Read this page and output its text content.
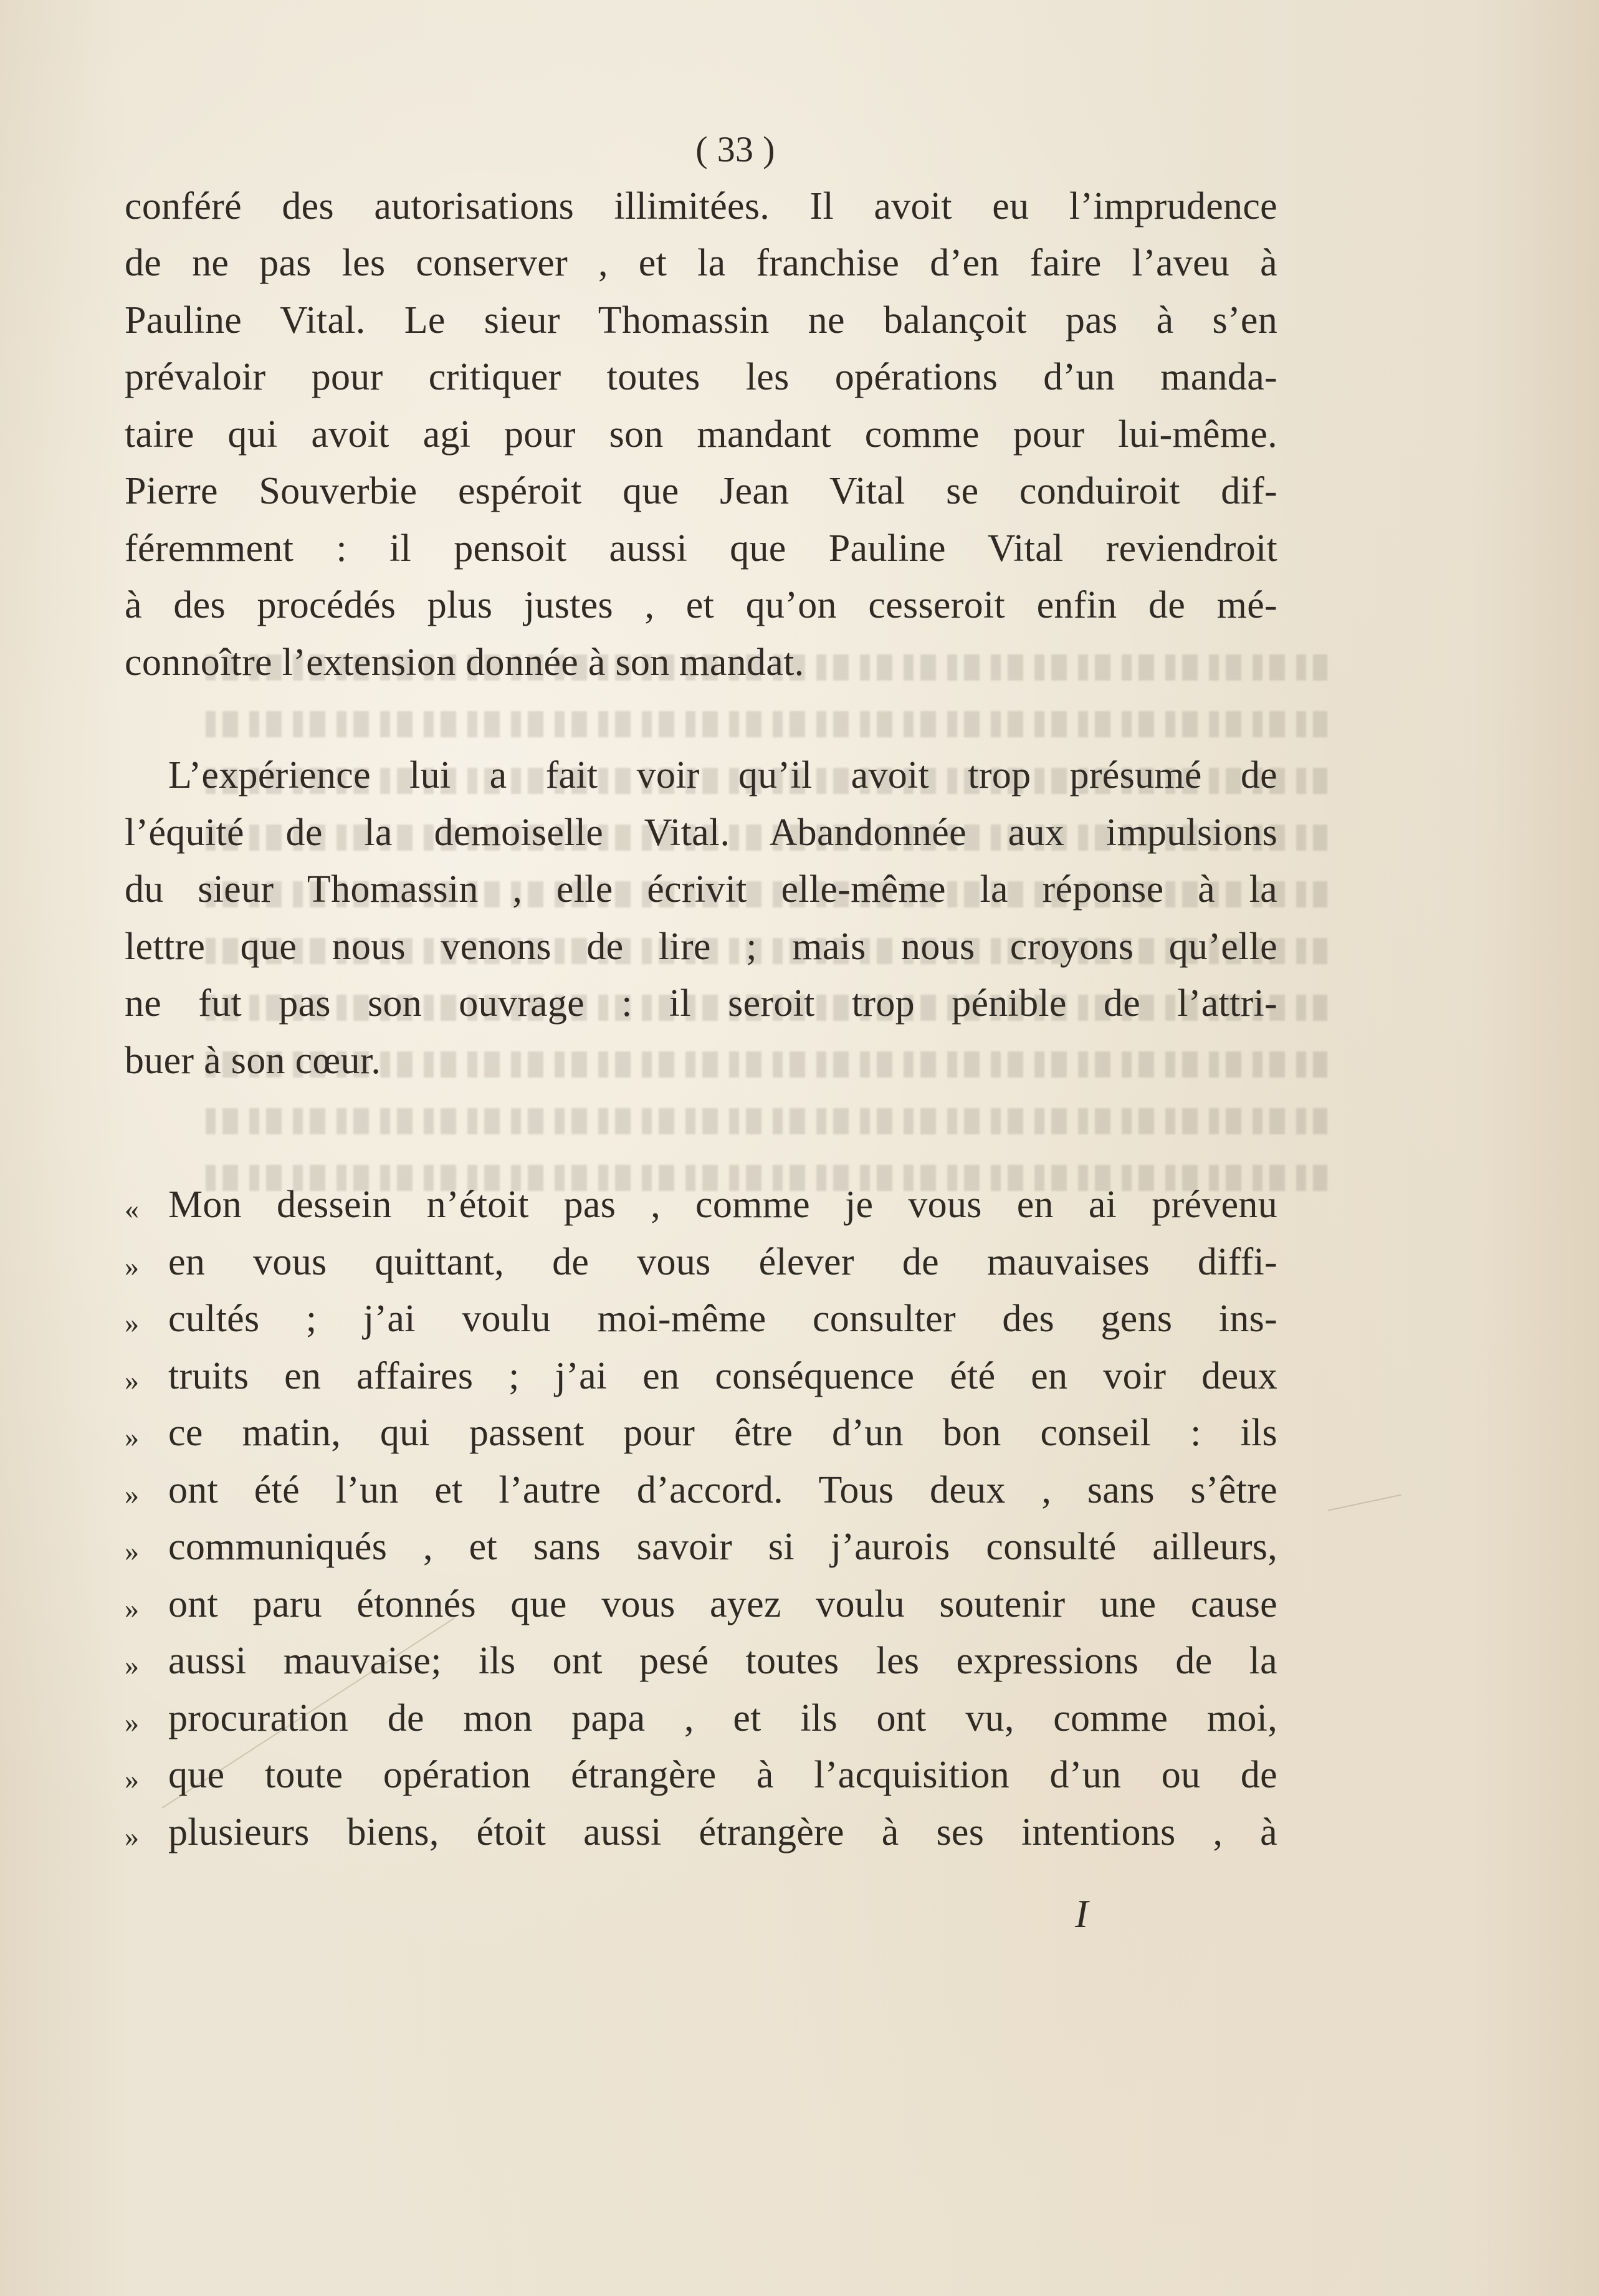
( 33 )
conféré des autorisations illimitées. Il avoit eu l’imprudence
de ne pas les conserver , et la franchise d’en faire l’aveu à
Pauline Vital. Le sieur Thomassin ne balançoit pas à s’en
prévaloir pour critiquer toutes les opérations d’un manda-
taire qui avoit agi pour son mandant comme pour lui-même.
Pierre Souverbie espéroit que Jean Vital se conduiroit dif-
féremment : il pensoit aussi que Pauline Vital reviendroit
à des procédés plus justes , et qu’on cesseroit enfin de mé-
connoître l’extension donnée à son mandat.
L’expérience lui a fait voir qu’il avoit trop présumé de
l’équité de la demoiselle Vital. Abandonnée aux impulsions
du sieur Thomassin , elle écrivit elle-même la réponse à la
lettre que nous venons de lire ; mais nous croyons qu’elle
ne fut pas son ouvrage : il seroit trop pénible de l’attri-
buer à son cœur.
« Mon dessein n’étoit pas , comme je vous en ai prévenu
» en vous quittant, de vous élever de mauvaises diffi-
» cultés ; j’ai voulu moi-même consulter des gens ins-
» truits en affaires ; j’ai en conséquence été en voir deux
» ce matin, qui passent pour être d’un bon conseil : ils
» ont été l’un et l’autre d’accord. Tous deux , sans s’être
» communiqués , et sans savoir si j’aurois consulté ailleurs,
» ont paru étonnés que vous ayez voulu soutenir une cause
» aussi mauvaise; ils ont pesé toutes les expressions de la
» procuration de mon papa , et ils ont vu, comme moi,
» que toute opération étrangère à l’acquisition d’un ou de
» plusieurs biens, étoit aussi étrangère à ses intentions , à
I
